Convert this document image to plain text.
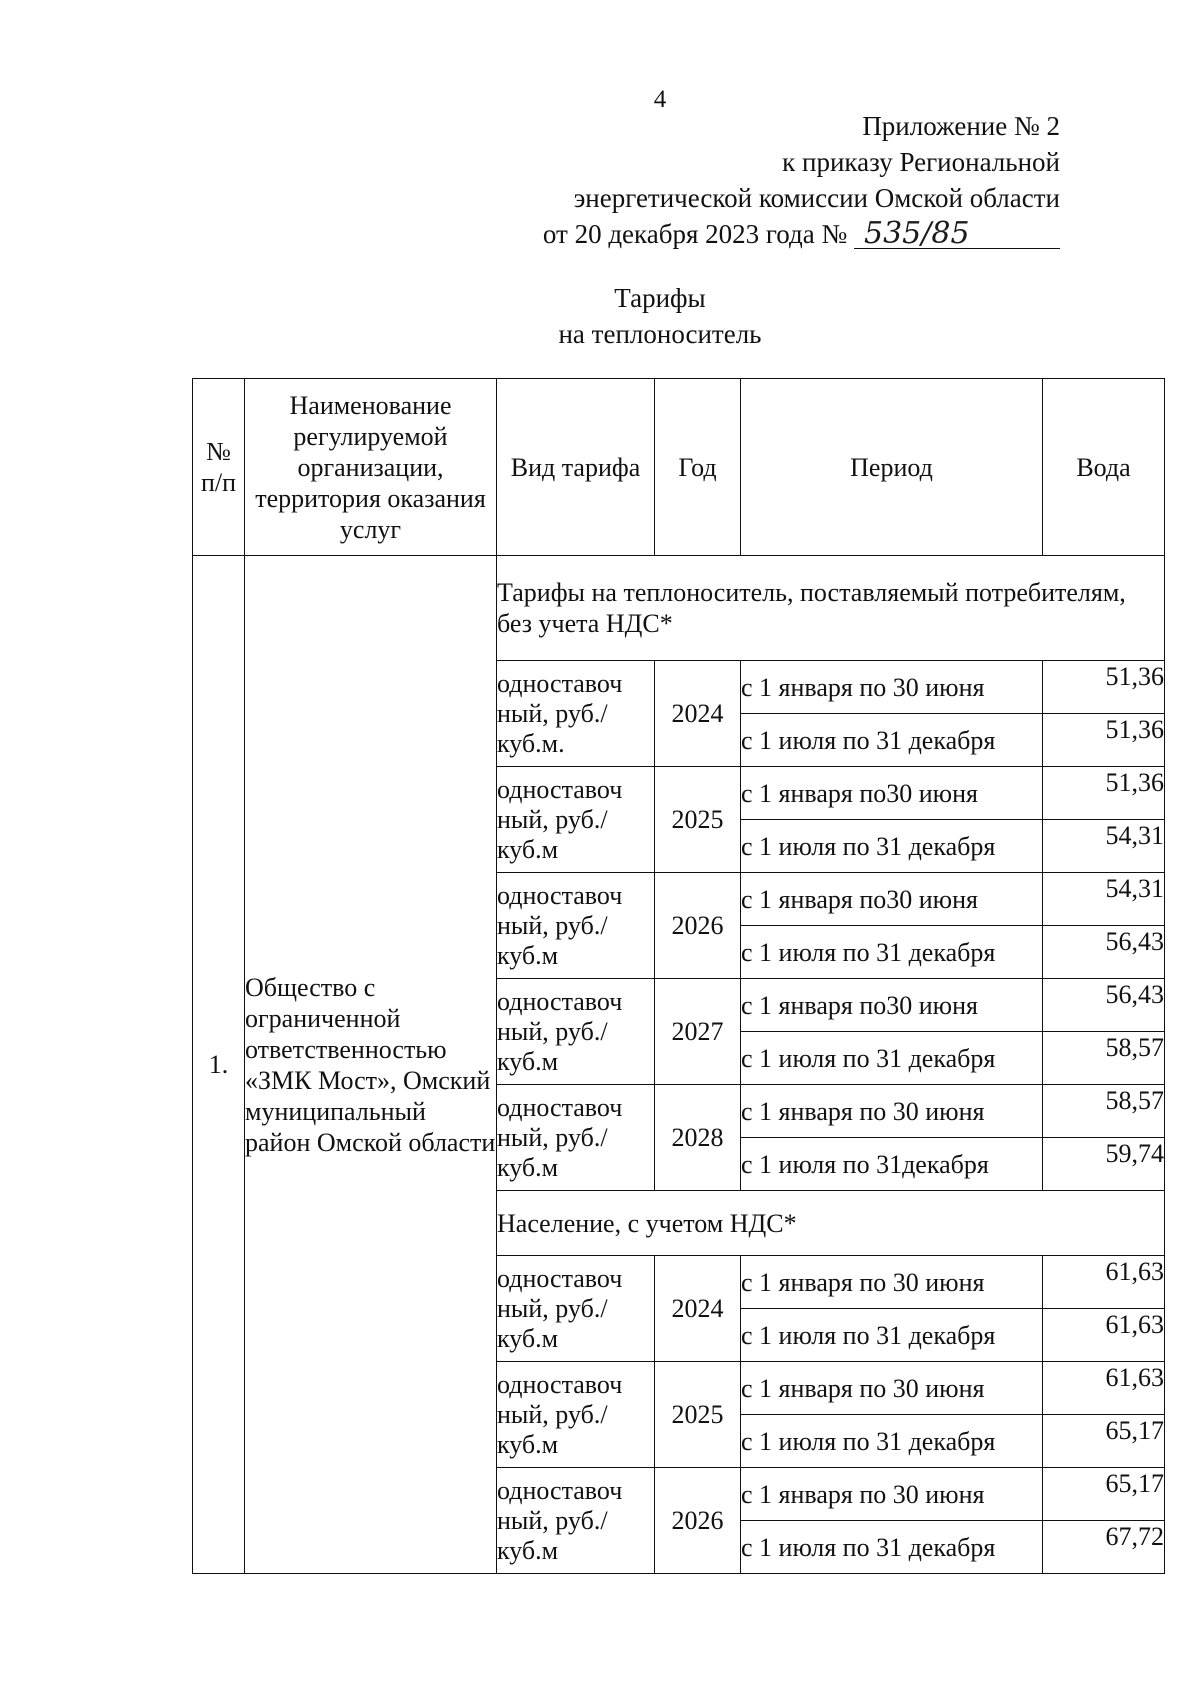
4
Приложение № 2
к приказу Региональной
энергетической комиссии Омской области
от 20 декабря 2023 года № 535/85
Тарифы
на теплоноситель
№ п/п	Наименование регулируемой организации, территория оказания услуг	Вид тарифа	Год	Период	Вода
1.	Общество с ограниченной ответственностью «ЗМК Мост», Омский муниципальный район Омской области	Тарифы на теплоноситель, поставляемый потребителям, без учета НДС*			
		одноставоч ный, руб./куб.м.	2024	с 1 января по 30 июня	51,36
				с 1 июля по 31 декабря	51,36
		одноставоч ный, руб./куб.м	2025	с 1 января по30 июня	51,36
				с 1 июля по 31 декабря	54,31
		одноставоч ный, руб./куб.м	2026	с 1 января по30 июня	54,31
				с 1 июля по 31 декабря	56,43
		одноставоч ный, руб./куб.м	2027	с 1 января по30 июня	56,43
				с 1 июля по 31 декабря	58,57
		одноставоч ный, руб./куб.м	2028	с 1 января по 30 июня	58,57
				с 1 июля по 31декабря	59,74
		Население, с учетом НДС*			
		одноставоч ный, руб./куб.м	2024	с 1 января по 30 июня	61,63
				с 1 июля по 31 декабря	61,63
		одноставоч ный, руб./куб.м	2025	с 1 января по 30 июня	61,63
				с 1 июля по 31 декабря	65,17
		одноставоч ный, руб./куб.м	2026	с 1 января по 30 июня	65,17
				с 1 июля по 31 декабря	67,72
